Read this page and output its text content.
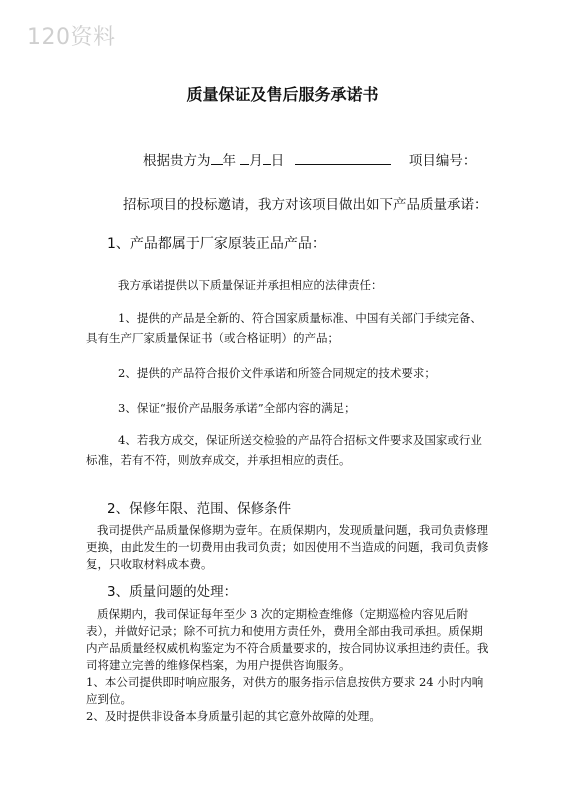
120资料
质量保证及售后服务承诺书
根据贵方为 年 月 日	项目编号：
招标项目的投标邀请，我方对该项目做出如下产品质量承诺：
1、产品都属于厂家原装正品产品：
我方承诺提供以下质量保证并承担相应的法律责任：
1、提供的产品是全新的、符合国家质量标准、中国有关部门手续完备、具有生产厂家质量保证书（或合格证明）的产品；
2、提供的产品符合报价文件承诺和所签合同规定的技术要求；
3、保证“报价产品服务承诺”全部内容的满足；
4、若我方成交，保证所送交检验的产品符合招标文件要求及国家或行业标准，若有不符，则放弃成交，并承担相应的责任。
2、保修年限、范围、保修条件
我司提供产品质量保修期为壹年。在质保期内，发现质量问题，我司负责修理更换，由此发生的一切费用由我司负责；如因使用不当造成的问题，我司负责修复，只收取材料成本费。
3、质量问题的处理：
质保期内，我司保证每年至少 3 次的定期检查维修（定期巡检内容见后附表），并做好记录；除不可抗力和使用方责任外，费用全部由我司承担。质保期内产品质量经权威机构鉴定为不符合质量要求的，按合同协议承担违约责任。我司将建立完善的维修保档案，为用户提供咨询服务。
1、本公司提供即时响应服务，对供方的服务指示信息按供方要求 24 小时内响应到位。
2、及时提供非设备本身质量引起的其它意外故障的处理。
